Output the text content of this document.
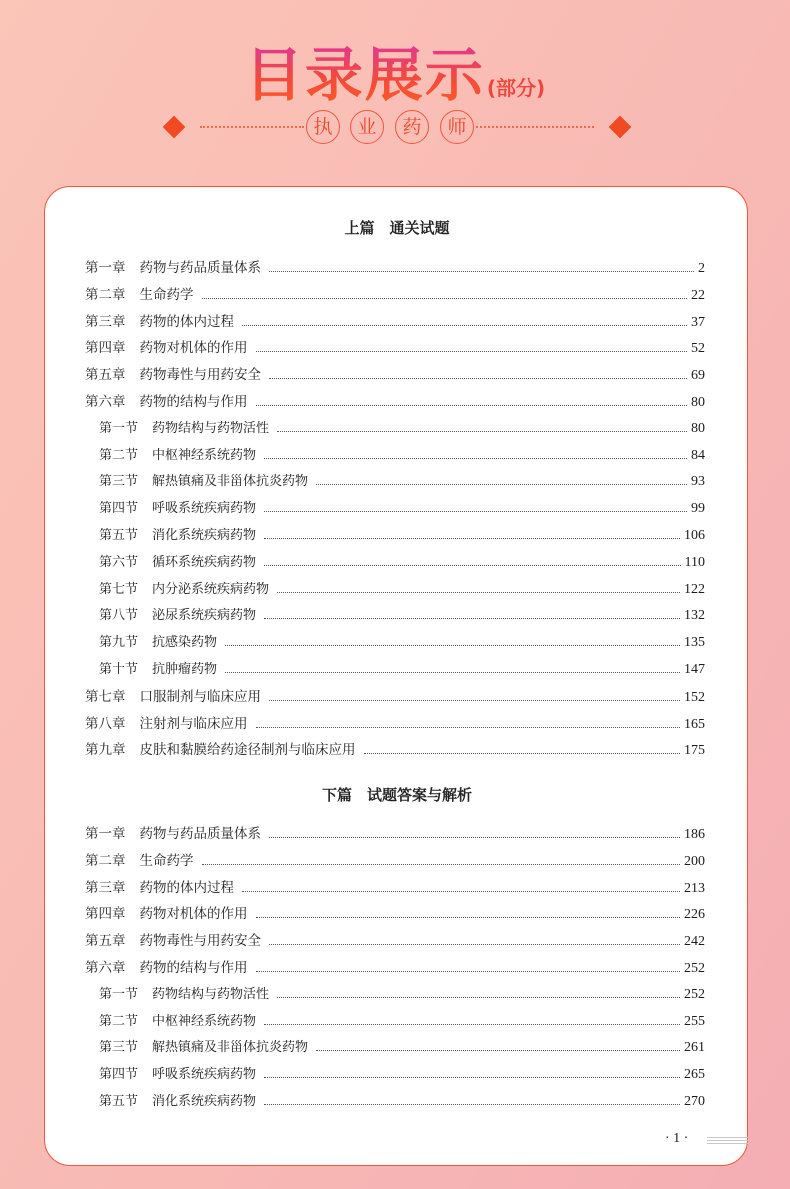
目录展示 (部分)
执	业	药	师
上篇　通关试题
第一章 药物与药品质量体系	2
第二章 生命药学	22
第三章 药物的体内过程	37
第四章 药物对机体的作用	52
第五章 药物毒性与用药安全	69
第六章 药物的结构与作用	80
第一节 药物结构与药物活性	80
第二节 中枢神经系统药物	84
第三节 解热镇痛及非甾体抗炎药物	93
第四节 呼吸系统疾病药物	99
第五节 消化系统疾病药物	106
第六节 循环系统疾病药物	110
第七节 内分泌系统疾病药物	122
第八节 泌尿系统疾病药物	132
第九节 抗感染药物	135
第十节 抗肿瘤药物	147
第七章 口服制剂与临床应用	152
第八章 注射剂与临床应用	165
第九章 皮肤和黏膜给药途径制剂与临床应用	175
下篇　试题答案与解析
第一章 药物与药品质量体系	186
第二章 生命药学	200
第三章 药物的体内过程	213
第四章 药物对机体的作用	226
第五章 药物毒性与用药安全	242
第六章 药物的结构与作用	252
第一节 药物结构与药物活性	252
第二节 中枢神经系统药物	255
第三节 解热镇痛及非甾体抗炎药物	261
第四节 呼吸系统疾病药物	265
第五节 消化系统疾病药物	270
· 1 ·
